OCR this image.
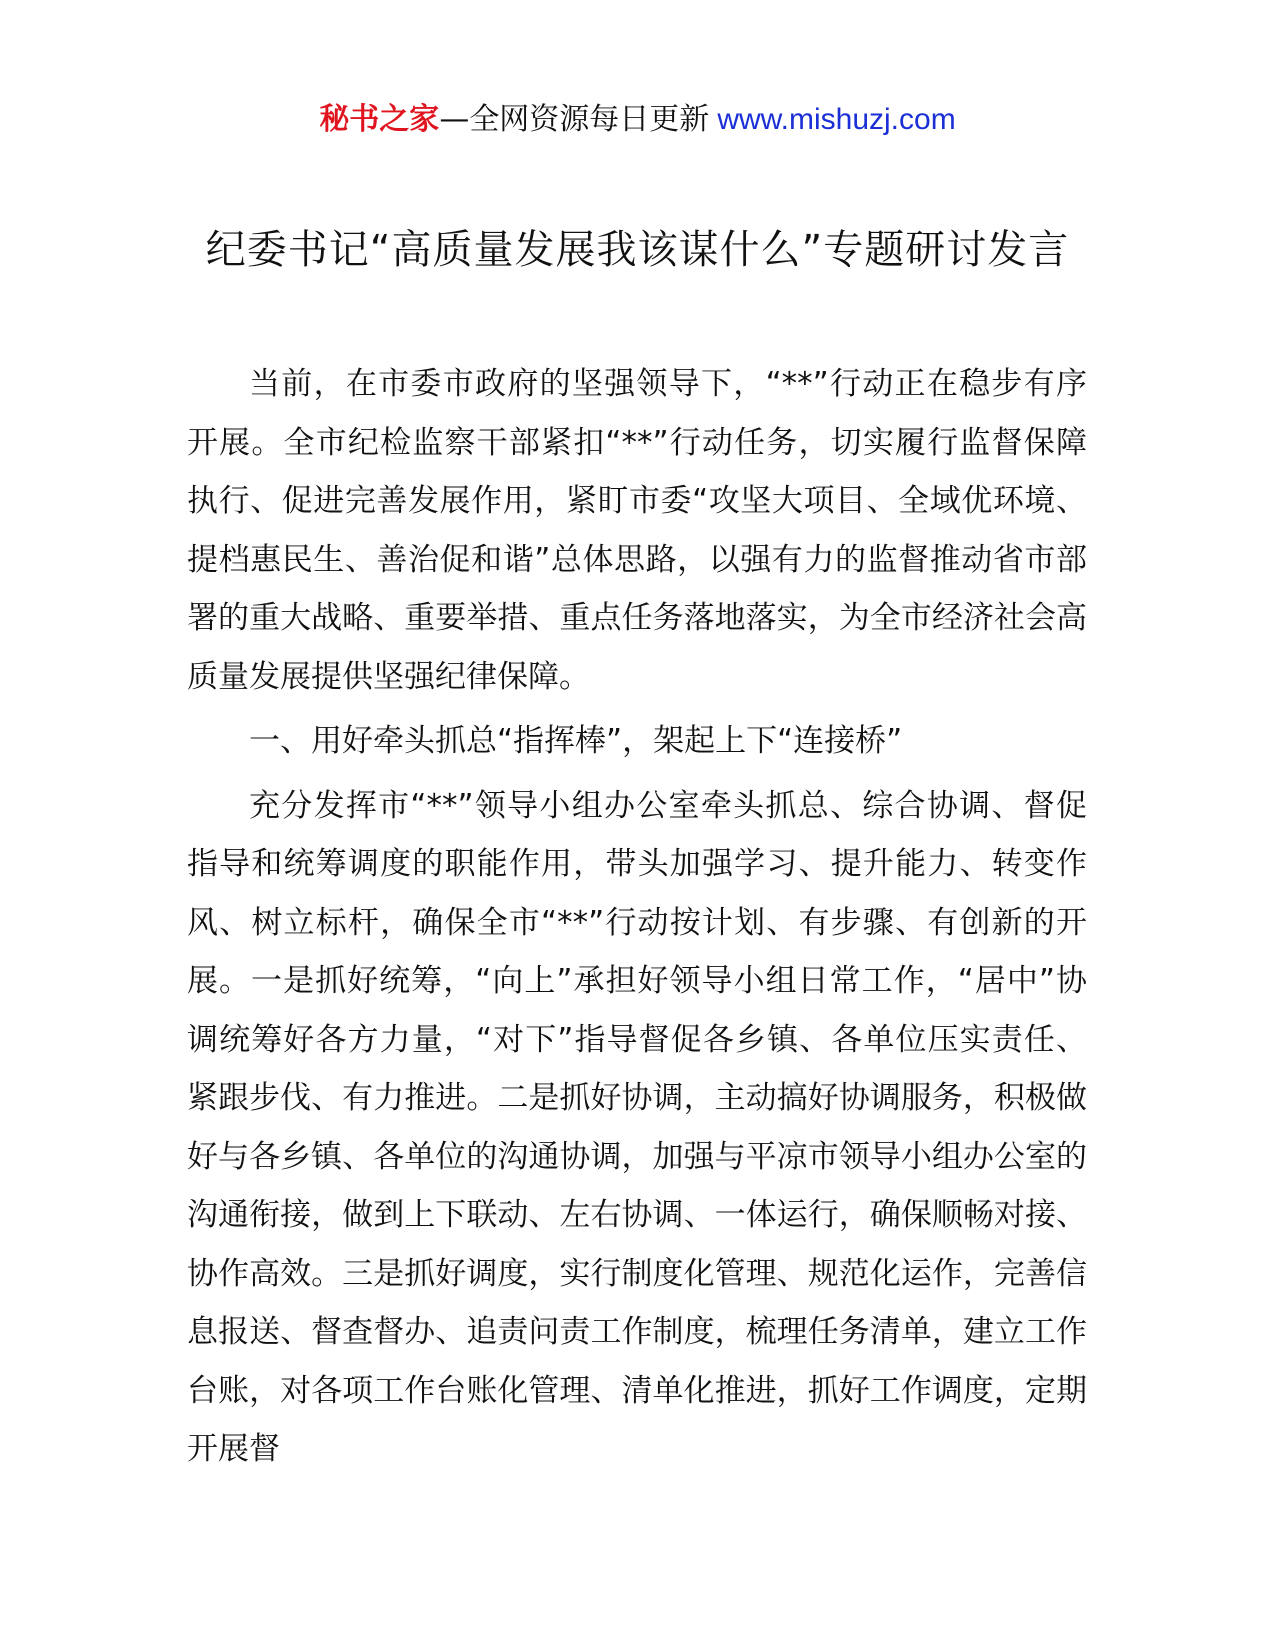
秘书之家—全网资源每日更新 www.mishuzj.com
纪委书记“高质量发展我该谋什么”专题研讨发言

当前，在市委市政府的坚强领导下，“**”行动正在稳步有序开展。全市纪检监察干部紧扣“**”行动任务，切实履行监督保障执行、促进完善发展作用，紧盯市委“攻坚大项目、全域优环境、提档惠民生、善治促和谐”总体思路，以强有力的监督推动省市部署的重大战略、重要举措、重点任务落地落实，为全市经济社会高质量发展提供坚强纪律保障。

一、用好牵头抓总“指挥棒”，架起上下“连接桥”

充分发挥市“**”领导小组办公室牵头抓总、综合协调、督促指导和统筹调度的职能作用，带头加强学习、提升能力、转变作风、树立标杆，确保全市“**”行动按计划、有步骤、有创新的开展。一是抓好统筹，“向上”承担好领导小组日常工作，“居中”协调统筹好各方力量，“对下”指导督促各乡镇、各单位压实责任、紧跟步伐、有力推进。二是抓好协调，主动搞好协调服务，积极做好与各乡镇、各单位的沟通协调，加强与平凉市领导小组办公室的沟通衔接，做到上下联动、左右协调、一体运行，确保顺畅对接、协作高效。三是抓好调度，实行制度化管理、规范化运作，完善信息报送、督查督办、追责问责工作制度，梳理任务清单，建立工作台账，对各项工作台账化管理、清单化推进，抓好工作调度，定期开展督
